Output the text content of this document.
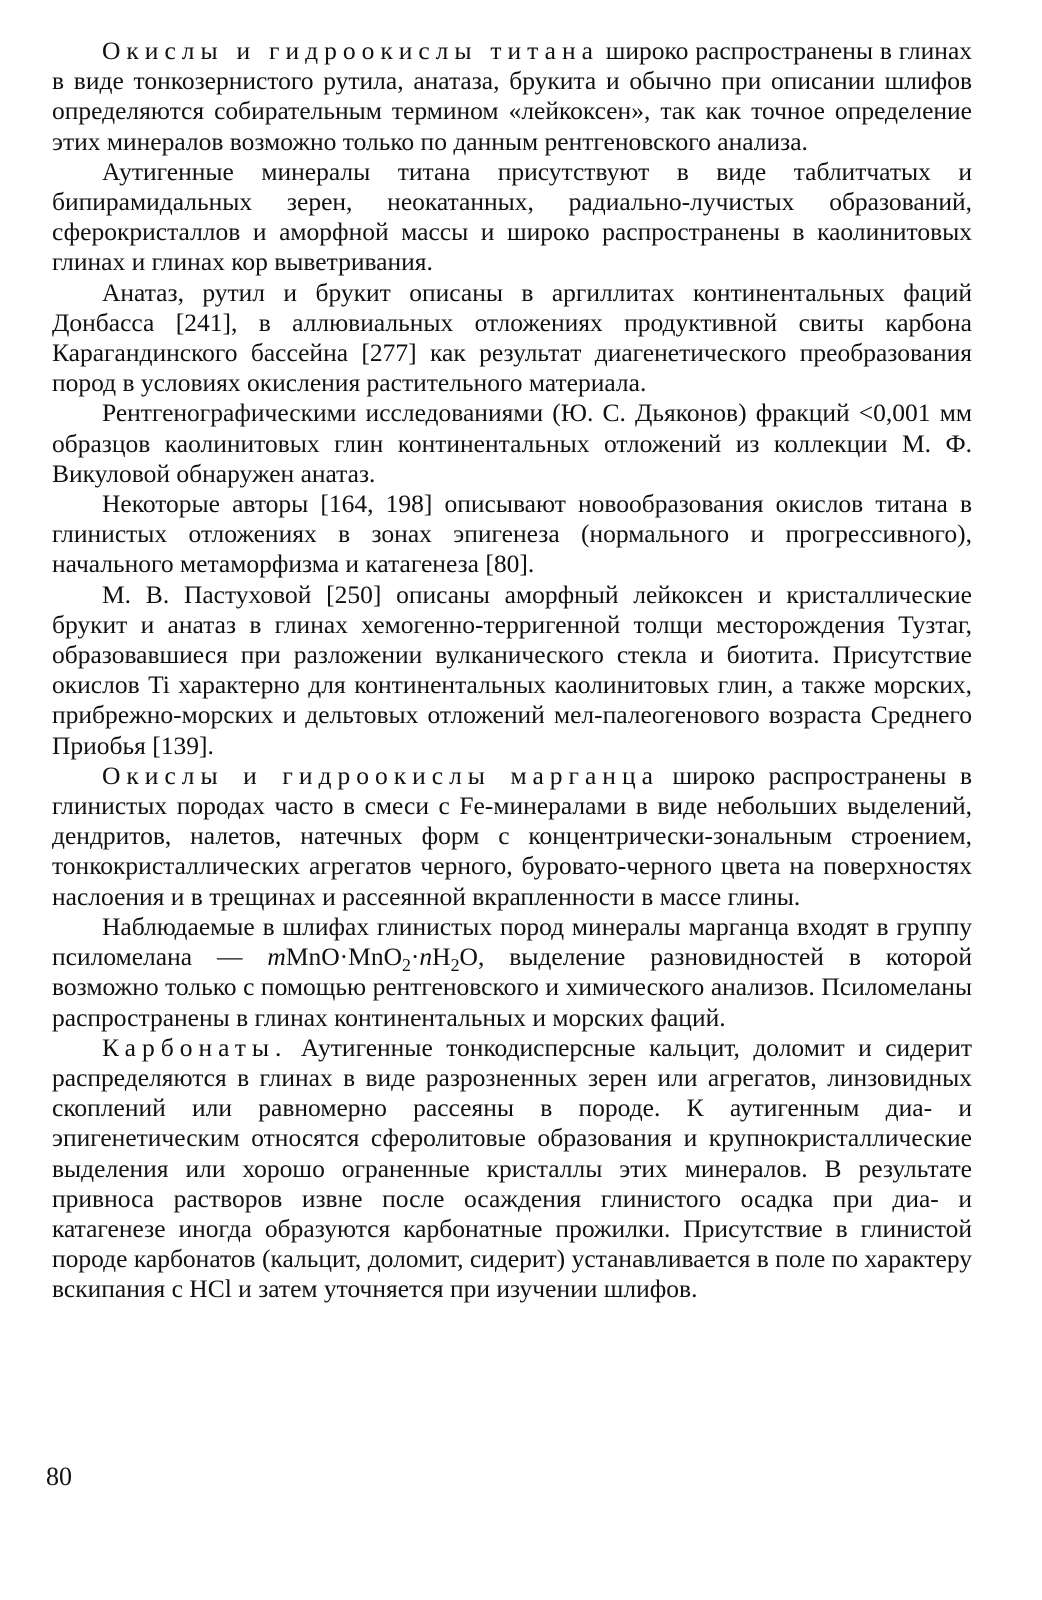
Окислы и гидроокислы титана широко распространены в глинах в виде тонкозернистого рутила, анатаза, брукита и обычно при описании шлифов определяются собирательным термином «лейкоксен», так как точное определение этих минералов возможно только по данным рентгеновского анализа.

Аутигенные минералы титана присутствуют в виде таблитчатых и бипирамидальных зерен, неокатанных, радиально-лучистых образований, сферокристаллов и аморфной массы и широко распространены в каолинитовых глинах и глинах кор выветривания.

Анатаз, рутил и брукит описаны в аргиллитах континентальных фаций Донбасса [241], в аллювиальных отложениях продуктивной свиты карбона Карагандинского бассейна [277] как результат диагенетического преобразования пород в условиях окисления растительного материала.

Рентгенографическими исследованиями (Ю. С. Дьяконов) фракций <0,001 мм образцов каолинитовых глин континентальных отложений из коллекции М. Ф. Викуловой обнаружен анатаз.

Некоторые авторы [164, 198] описывают новообразования окислов титана в глинистых отложениях в зонах эпигенеза (нормального и прогрессивного), начального метаморфизма и катагенеза [80].

М. В. Пастуховой [250] описаны аморфный лейкоксен и кристаллические брукит и анатаз в глинах хемогенно-терригенной толщи месторождения Тузтаг, образовавшиеся при разложении вулканического стекла и биотита. Присутствие окислов Ti характерно для континентальных каолинитовых глин, а также морских, прибрежно-морских и дельтовых отложений мел-палеогенового возраста Среднего Приобья [139].

Окислы и гидроокислы марганца широко распространены в глинистых породах часто в смеси с Fe-минералами в виде небольших выделений, дендритов, налетов, натечных форм с концентрически-зональным строением, тонкокристаллических агрегатов черного, буровато-черного цвета на поверхностях наслоения и в трещинах и рассеянной вкрапленности в массе глины.

Наблюдаемые в шлифах глинистых пород минералы марганца входят в группу псиломелана — $mMnO\cdot MnO_2\cdot nH_2O$, выделение разновидностей в которой возможно только с помощью рентгеновского и химического анализов. Псиломеланы распространены в глинах континентальных и морских фаций.

Карбонаты. Аутигенные тонкодисперсные кальцит, доломит и сидерит распределяются в глинах в виде разрозненных зерен или агрегатов, линзовидных скоплений или равномерно рассеяны в породе. К аутигенным диа- и эпигенетическим относятся сферолитовые образования и крупнокристаллические выделения или хорошо ограненные кристаллы этих минералов. В результате привноса растворов извне после осаждения глинистого осадка при диа- и катагенезе иногда образуются карбонатные прожилки. Присутствие в глинистой породе карбонатов (кальцит, доломит, сидерит) устанавливается в поле по характеру вскипания с HCl и затем уточняется при изучении шлифов.

80
